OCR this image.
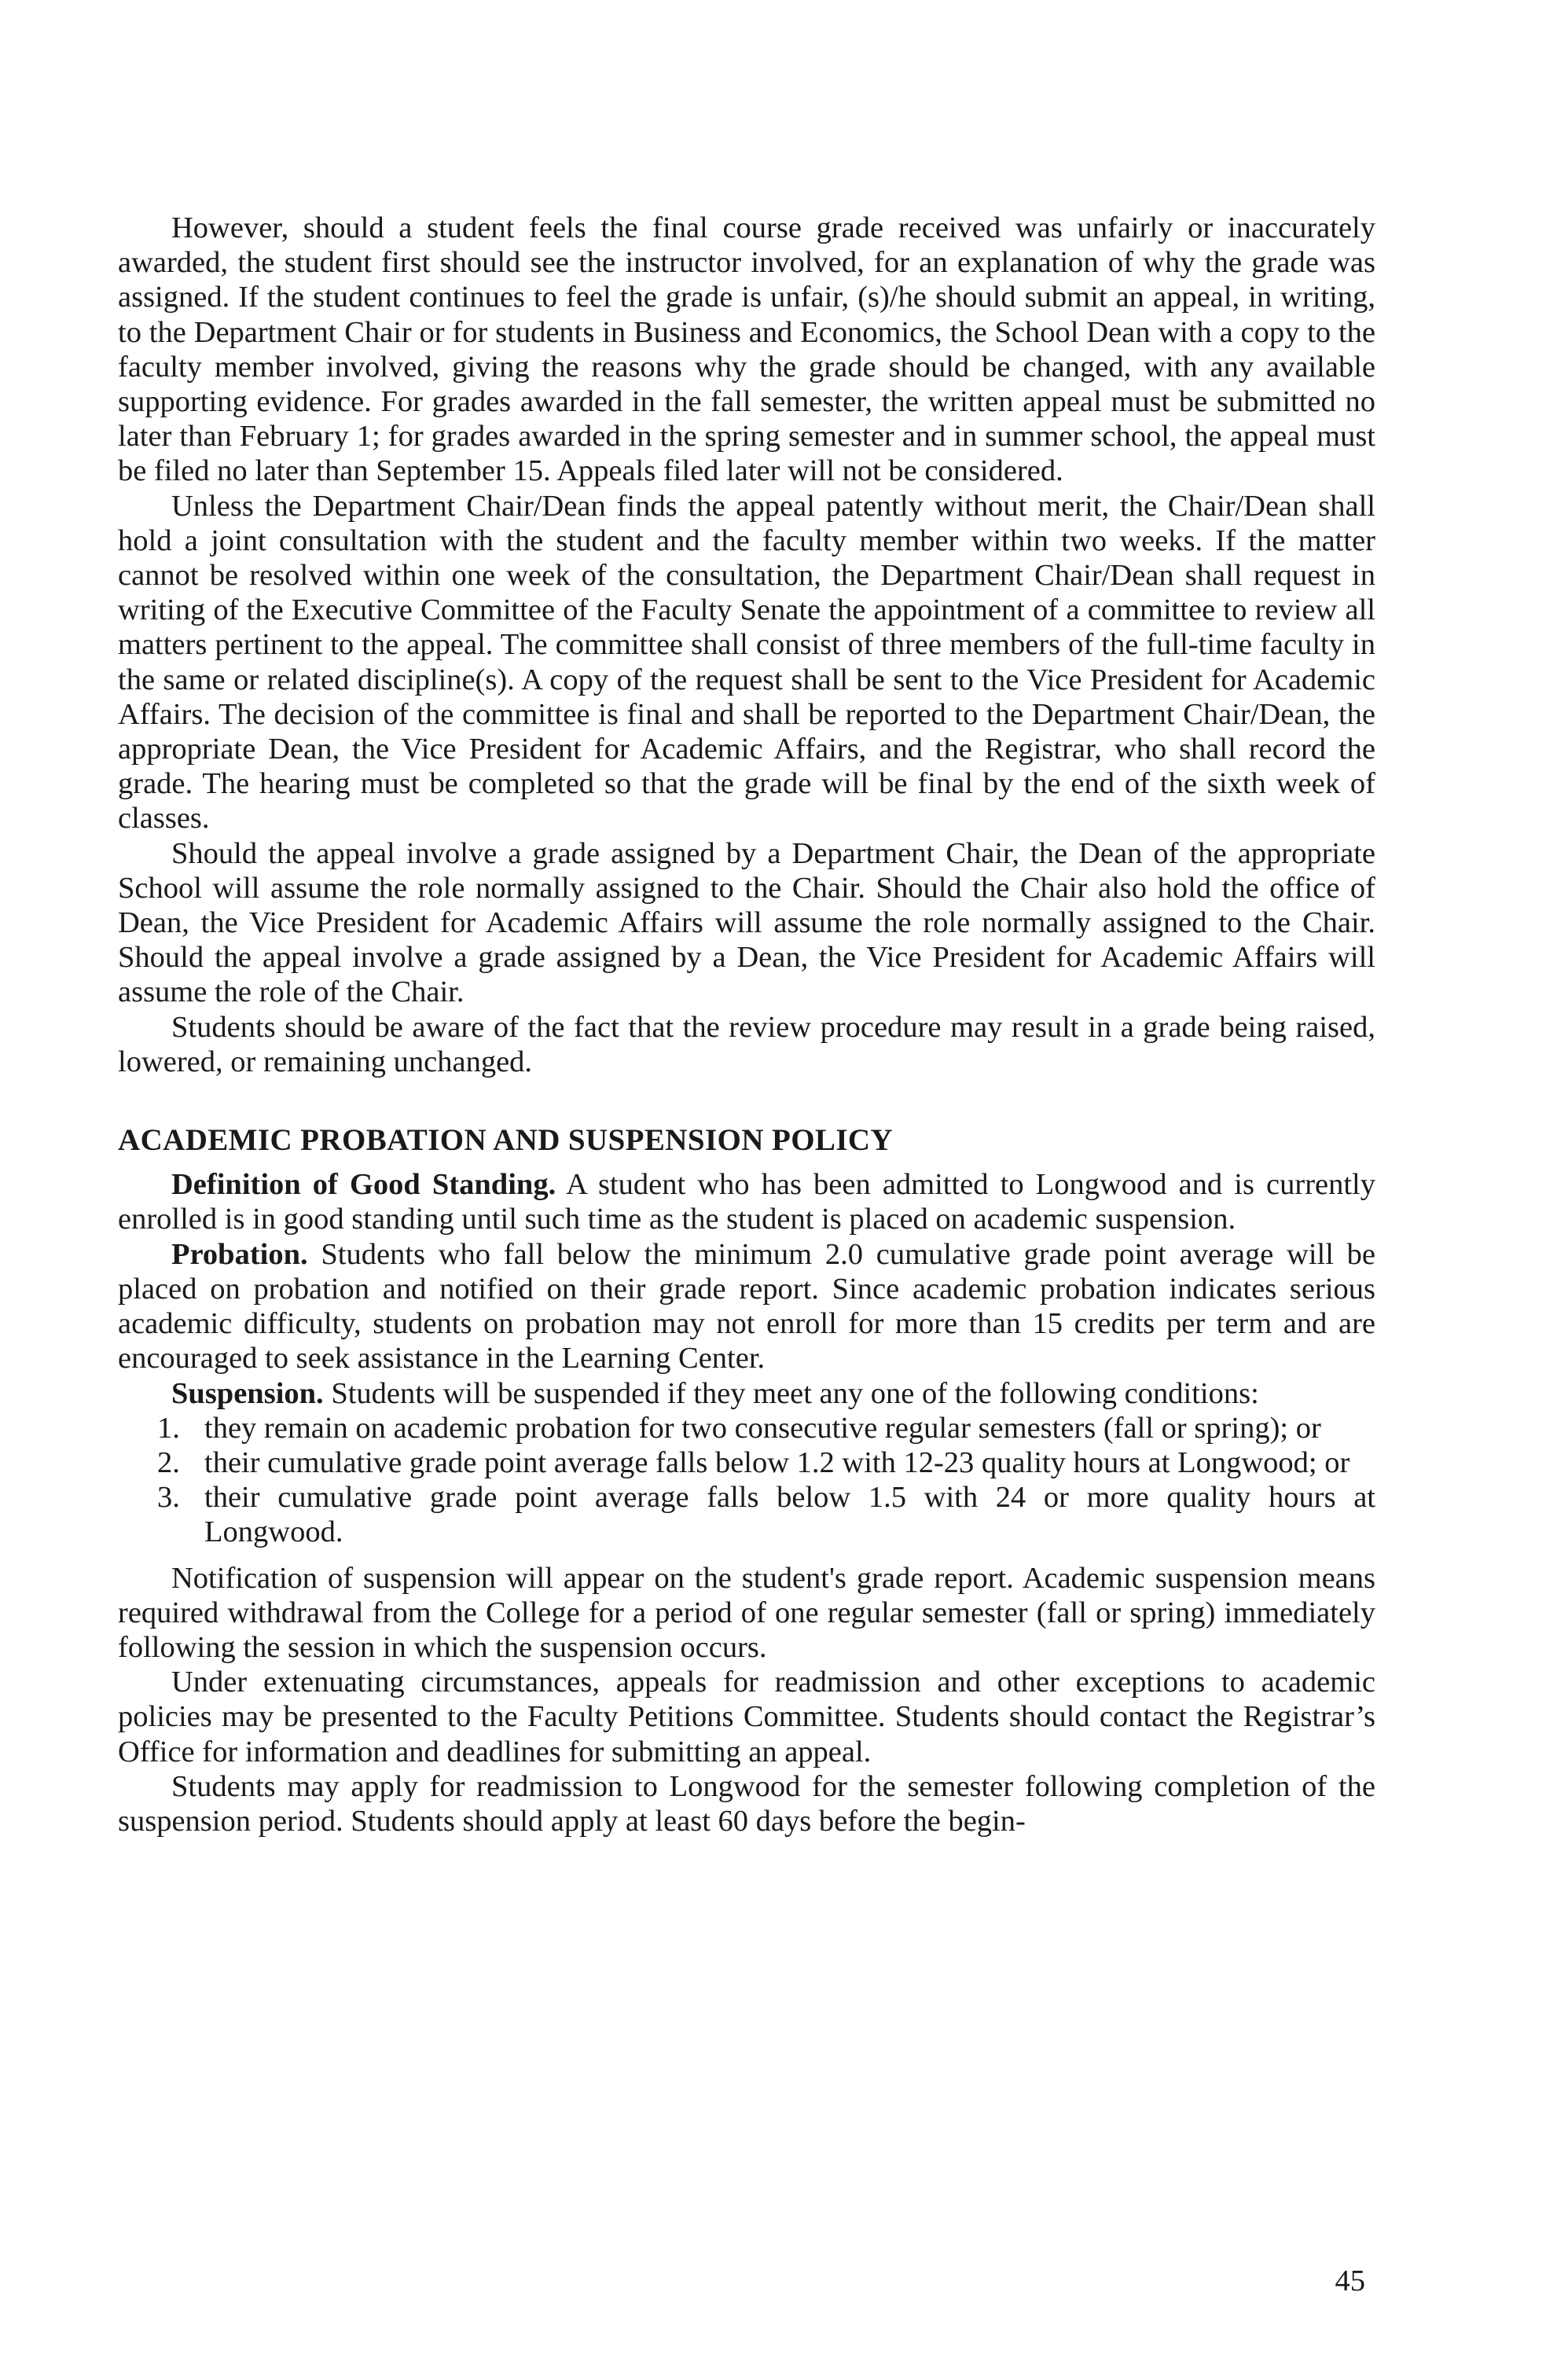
However, should a student feels the final course grade received was unfairly or inaccurately awarded, the student first should see the instructor involved, for an explanation of why the grade was assigned. If the student continues to feel the grade is unfair, (s)/he should submit an appeal, in writing, to the Department Chair or for students in Business and Economics, the School Dean with a copy to the faculty member involved, giving the reasons why the grade should be changed, with any available supporting evidence. For grades awarded in the fall semester, the written appeal must be submitted no later than February 1; for grades awarded in the spring semester and in summer school, the appeal must be filed no later than September 15. Appeals filed later will not be considered.

Unless the Department Chair/Dean finds the appeal patently without merit, the Chair/Dean shall hold a joint consultation with the student and the faculty member within two weeks. If the matter cannot be resolved within one week of the consultation, the Department Chair/Dean shall request in writing of the Executive Committee of the Faculty Senate the appointment of a committee to review all matters pertinent to the appeal. The committee shall consist of three members of the full-time faculty in the same or related discipline(s). A copy of the request shall be sent to the Vice President for Academic Affairs. The decision of the committee is final and shall be reported to the Department Chair/Dean, the appropriate Dean, the Vice President for Academic Affairs, and the Registrar, who shall record the grade. The hearing must be completed so that the grade will be final by the end of the sixth week of classes.

Should the appeal involve a grade assigned by a Department Chair, the Dean of the appropriate School will assume the role normally assigned to the Chair. Should the Chair also hold the office of Dean, the Vice President for Academic Affairs will assume the role normally assigned to the Chair. Should the appeal involve a grade assigned by a Dean, the Vice President for Academic Affairs will assume the role of the Chair.

Students should be aware of the fact that the review procedure may result in a grade being raised, lowered, or remaining unchanged.

ACADEMIC PROBATION AND SUSPENSION POLICY

Definition of Good Standing. A student who has been admitted to Longwood and is currently enrolled is in good standing until such time as the student is placed on academic suspension.

Probation. Students who fall below the minimum 2.0 cumulative grade point average will be placed on probation and notified on their grade report. Since academic probation indicates serious academic difficulty, students on probation may not enroll for more than 15 credits per term and are encouraged to seek assistance in the Learning Center.

Suspension. Students will be suspended if they meet any one of the following conditions:

1. they remain on academic probation for two consecutive regular semesters (fall or spring); or
2. their cumulative grade point average falls below 1.2 with 12-23 quality hours at Longwood; or
3. their cumulative grade point average falls below 1.5 with 24 or more quality hours at Longwood.

Notification of suspension will appear on the student's grade report. Academic suspension means required withdrawal from the College for a period of one regular semester (fall or spring) immediately following the session in which the suspension occurs.

Under extenuating circumstances, appeals for readmission and other exceptions to academic policies may be presented to the Faculty Petitions Committee. Students should contact the Registrar’s Office for information and deadlines for submitting an appeal.

Students may apply for readmission to Longwood for the semester following completion of the suspension period. Students should apply at least 60 days before the begin-

45
